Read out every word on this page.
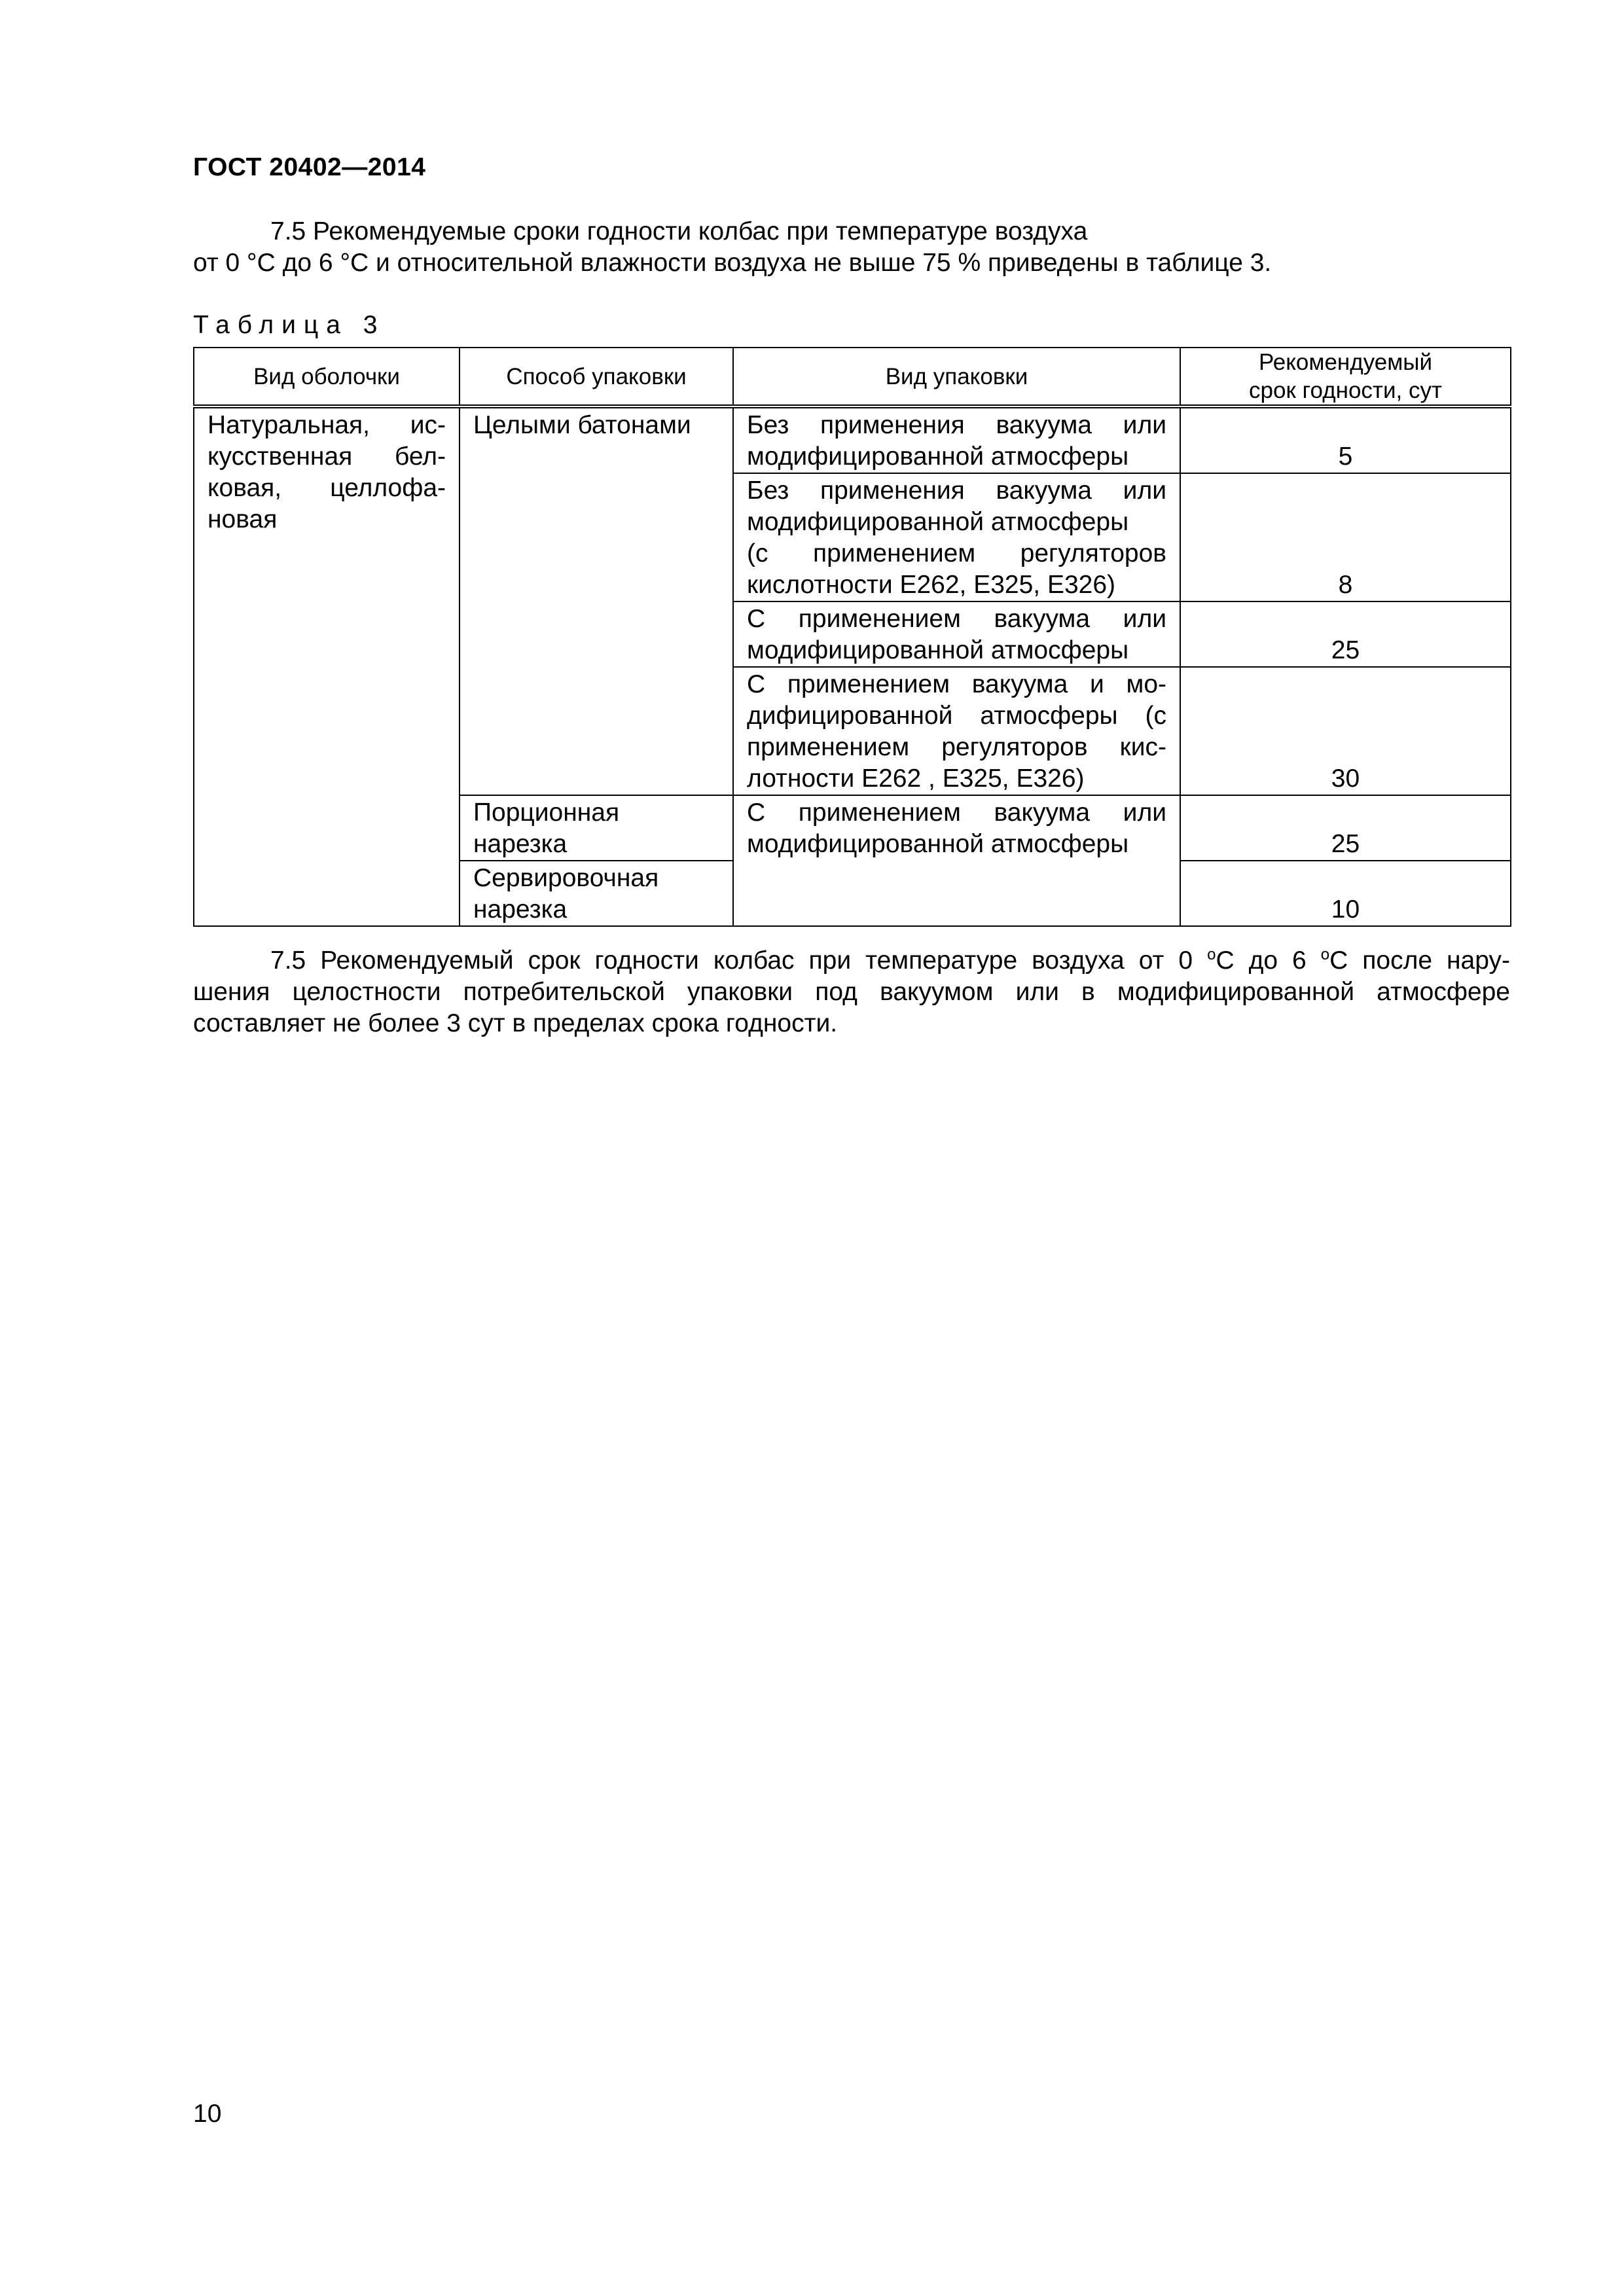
ГОСТ 20402—2014
7.5 Рекомендуемые сроки годности колбас при температуре воздуха
от 0 °С до 6 °С и относительной влажности воздуха не выше 75 % приведены в таблице 3.
Таблица 3
Вид оболочки	Способ упаковки	Вид упаковки	Рекомендуемый
срок годности, сут

Натуральная, ис-
кусственная бел-
ковая, целлофа-
новая	Целыми батонами	Без применения вакуума или
модифицированной атмосферы	5

		Без применения вакуума или
модифицированной атмосферы
(с применением регуляторов
кислотности Е262, Е325, Е326)	8

		С применением вакуума или
модифицированной атмосферы	25

		С применением вакуума и мо-
дифицированной атмосферы (с
применением регуляторов кис-
лотности Е262 , Е325, Е326)	30

	Порционная
нарезка	С применением вакуума или
модифицированной атмосферы	25

	Сервировочная
нарезка		10
7.5 Рекомендуемый срок годности колбас при температуре воздуха от 0 $^о$С до 6 $^о$С после нару-
шения целостности потребительской упаковки под вакуумом или в модифицированной атмосфере
составляет не более 3 сут в пределах срока годности.
10
